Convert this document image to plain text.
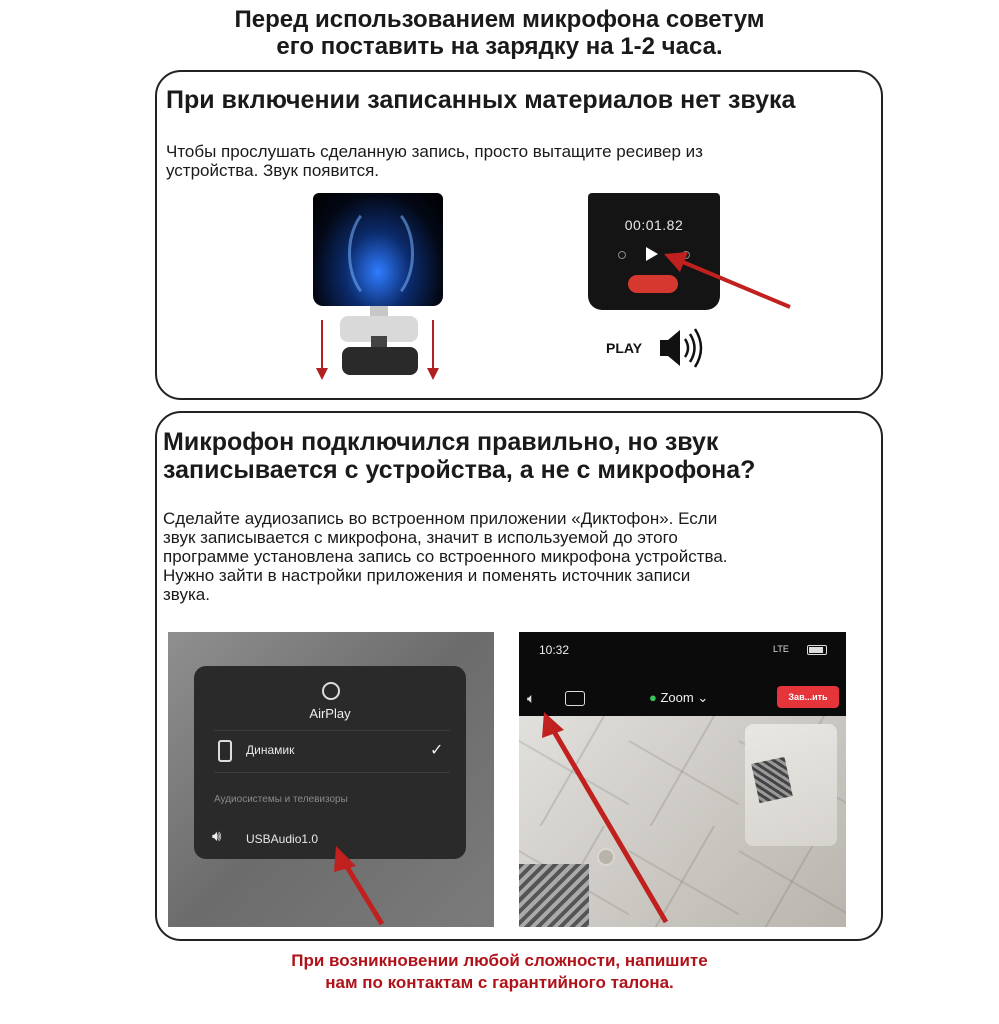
Перед использованием микрофона советум
его поставить на зарядку на 1-2 часа.
При включении записанных материалов нет звука
Чтобы прослушать сделанную запись, просто вытащите ресивер из
устройства. Звук появится.
00:01.82
PLAY
Микрофон подключился правильно, но звук
записывается с устройства, а не с микрофона?
Сделайте аудиозапись во встроенном приложении «Диктофон». Если
звук записывается с микрофона, значит в используемой до этого
программе установлена запись со встроенного микрофона устройства.
Нужно зайти в настройки приложения и поменять источник записи
звука.
AirPlay
Динамик	✓
Аудиосистемы и телевизоры
🔊︎ USBAudio1.0
10:32	LTE
🔈︎	● Zoom ⌄	Зав...ить
При возникновении любой сложности, напишите
нам по контактам с гарантийного талона.
